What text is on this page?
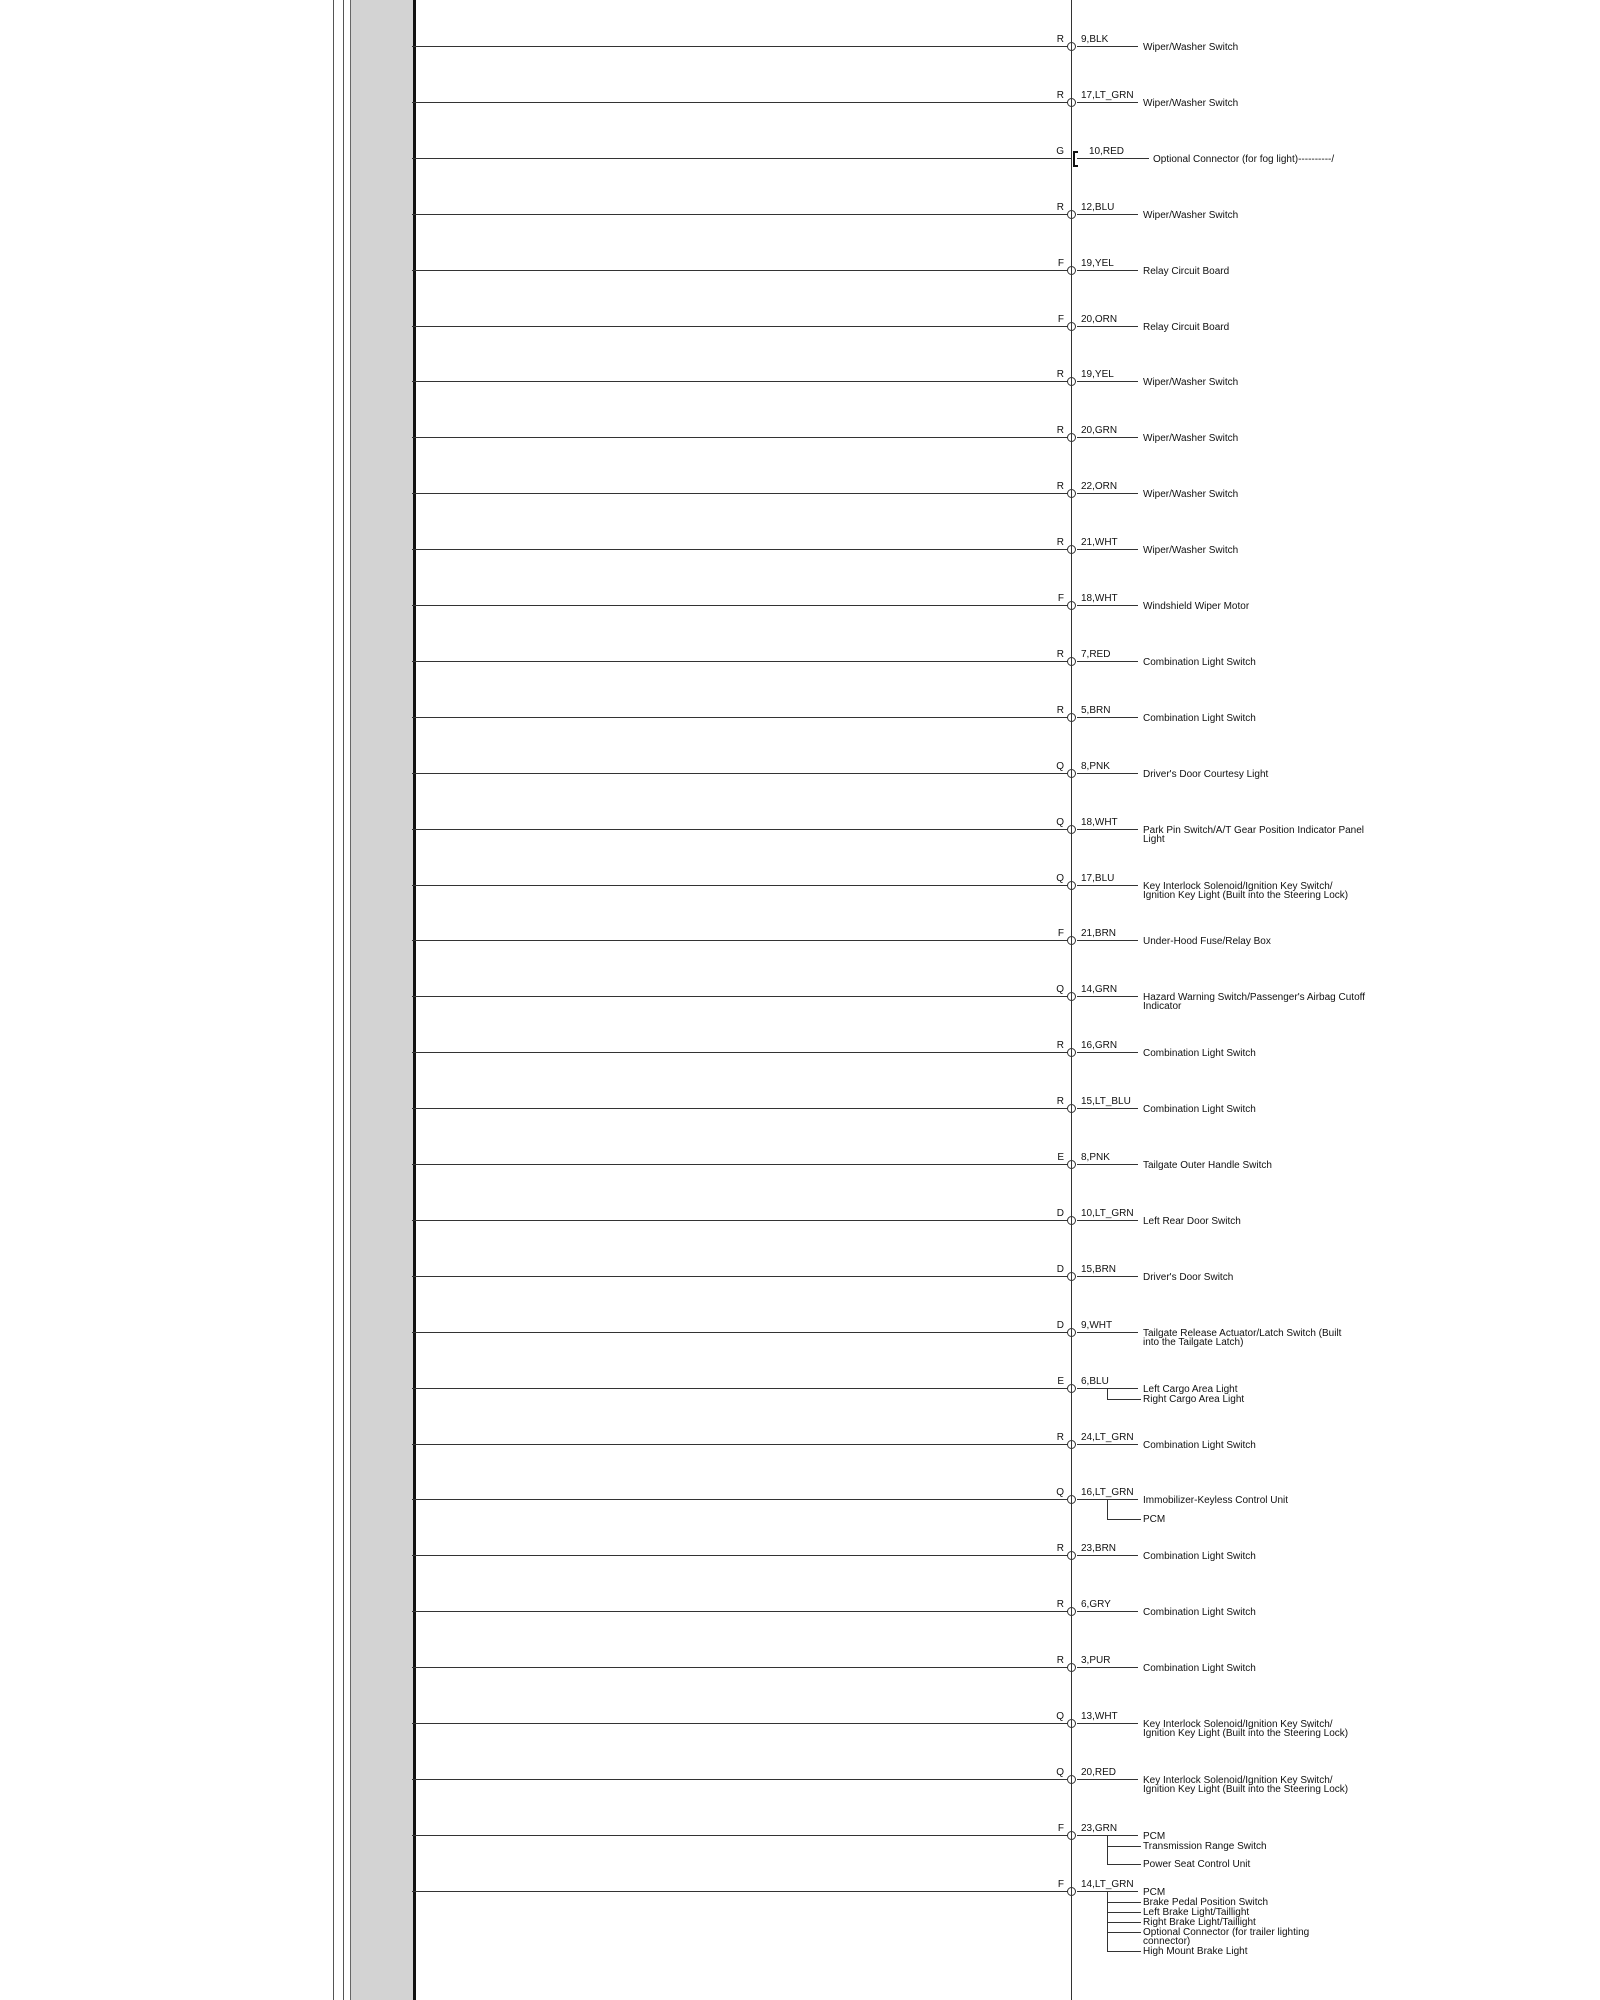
R 9,BLK
Wiper/Washer Switch
R 17,LT_GRN
Wiper/Washer Switch
G	10,RED
Optional Connector (for fog light)----------/
R 12,BLU
Wiper/Washer Switch
F 19,YEL
Relay Circuit Board
F 20,ORN
Relay Circuit Board
R 19,YEL
Wiper/Washer Switch
R 20,GRN
Wiper/Washer Switch
R 22,ORN
Wiper/Washer Switch
R 21,WHT
Wiper/Washer Switch
F 18,WHT
Windshield Wiper Motor
R 7,RED
Combination Light Switch
R 5,BRN
Combination Light Switch
Q 8,PNK
Driver's Door Courtesy Light
Q 18,WHT
Park Pin Switch/A/T Gear Position Indicator Panel
Light
Q 17,BLU
Key Interlock Solenoid/Ignition Key Switch/
Ignition Key Light (Built into the Steering Lock)
F 21,BRN
Under-Hood Fuse/Relay Box
Q 14,GRN
Hazard Warning Switch/Passenger's Airbag Cutoff
Indicator
R 16,GRN
Combination Light Switch
R 15,LT_BLU
Combination Light Switch
E 8,PNK
Tailgate Outer Handle Switch
D 10,LT_GRN
Left Rear Door Switch
D 15,BRN
Driver's Door Switch
D 9,WHT
Tailgate Release Actuator/Latch Switch (Built
into the Tailgate Latch)
E 6,BLU
Left Cargo Area Light
Right Cargo Area Light
R 24,LT_GRN
Combination Light Switch
Q 16,LT_GRN
Immobilizer-Keyless Control Unit
PCM
R 23,BRN
Combination Light Switch
R 6,GRY
Combination Light Switch
R 3,PUR
Combination Light Switch
Q 13,WHT
Key Interlock Solenoid/Ignition Key Switch/
Ignition Key Light (Built into the Steering Lock)
Q 20,RED
Key Interlock Solenoid/Ignition Key Switch/
Ignition Key Light (Built into the Steering Lock)
F 23,GRN
PCM
Transmission Range Switch
Power Seat Control Unit
F 14,LT_GRN
PCM
Brake Pedal Position Switch
Left Brake Light/Taillight
Right Brake Light/Taillight
Optional Connector (for trailer lighting
connector)
High Mount Brake Light
